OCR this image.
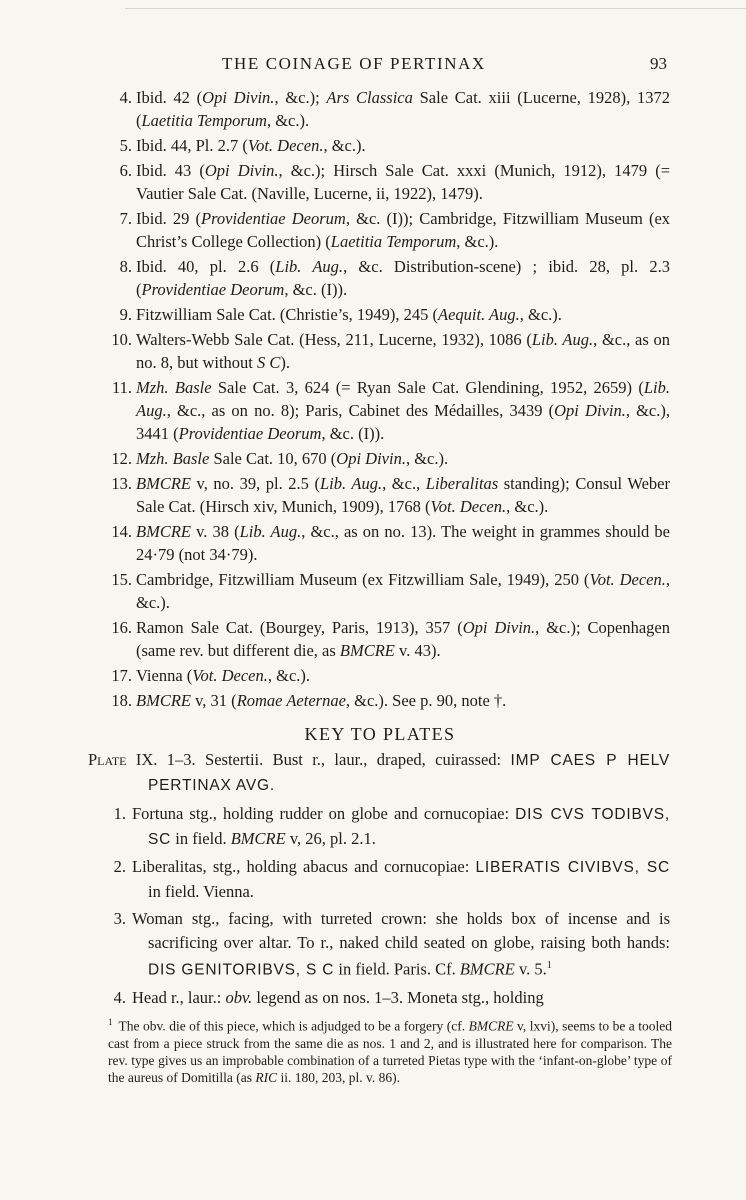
THE COINAGE OF PERTINAX	93
4. Ibid. 42 (Opi Divin., &c.); Ars Classica Sale Cat. xiii (Lucerne, 1928), 1372 (Laetitia Temporum, &c.).
5. Ibid. 44, Pl. 2.7 (Vot. Decen., &c.).
6. Ibid. 43 (Opi Divin., &c.); Hirsch Sale Cat. xxxi (Munich, 1912), 1479 (= Vautier Sale Cat. (Naville, Lucerne, ii, 1922), 1479).
7. Ibid. 29 (Providentiae Deorum, &c. (I)); Cambridge, Fitzwilliam Museum (ex Christ’s College Collection) (Laetitia Temporum, &c.).
8. Ibid. 40, pl. 2.6 (Lib. Aug., &c. Distribution-scene) ; ibid. 28, pl. 2.3 (Providentiae Deorum, &c. (I)).
9. Fitzwilliam Sale Cat. (Christie’s, 1949), 245 (Aequit. Aug., &c.).
10. Walters-Webb Sale Cat. (Hess, 211, Lucerne, 1932), 1086 (Lib. Aug., &c., as on no. 8, but without S C).
11. Mzh. Basle Sale Cat. 3, 624 (= Ryan Sale Cat. Glendining, 1952, 2659) (Lib. Aug., &c., as on no. 8); Paris, Cabinet des Médailles, 3439 (Opi Divin., &c.), 3441 (Providentiae Deorum, &c. (I)).
12. Mzh. Basle Sale Cat. 10, 670 (Opi Divin., &c.).
13. BMCRE v, no. 39, pl. 2.5 (Lib. Aug., &c., Liberalitas standing); Consul Weber Sale Cat. (Hirsch xiv, Munich, 1909), 1768 (Vot. Decen., &c.).
14. BMCRE v. 38 (Lib. Aug., &c., as on no. 13). The weight in grammes should be 24·79 (not 34·79).
15. Cambridge, Fitzwilliam Museum (ex Fitzwilliam Sale, 1949), 250 (Vot. Decen., &c.).
16. Ramon Sale Cat. (Bourgey, Paris, 1913), 357 (Opi Divin., &c.); Copenhagen (same rev. but different die, as BMCRE v. 43).
17. Vienna (Vot. Decen., &c.).
18. BMCRE v, 31 (Romae Aeternae, &c.). See p. 90, note †.
KEY TO PLATES
Plate IX. 1–3. Sestertii. Bust r., laur., draped, cuirassed: IMP CAES P HELV PERTINAX AVG.
1. Fortuna stg., holding rudder on globe and cornucopiae: DIS CVS TODIBVS, SC in field. BMCRE v, 26, pl. 2.1.
2. Liberalitas, stg., holding abacus and cornucopiae: LIBERATIS CIVIBVS, SC in field. Vienna.
3. Woman stg., facing, with turreted crown: she holds box of incense and is sacrificing over altar. To r., naked child seated on globe, raising both hands: DIS GENITORIBVS, S C in field. Paris. Cf. BMCRE v. 5.$^1$
4. Head r., laur.: obv. legend as on nos. 1–3. Moneta stg., holding
$^1$ The obv. die of this piece, which is adjudged to be a forgery (cf. BMCRE v, lxvi), seems to be a tooled cast from a piece struck from the same die as nos. 1 and 2, and is illustrated here for comparison. The rev. type gives us an improbable combination of a turreted Pietas type with the ‘infant-on-globe’ type of the aureus of Domitilla (as RIC ii. 180, 203, pl. v. 86).
